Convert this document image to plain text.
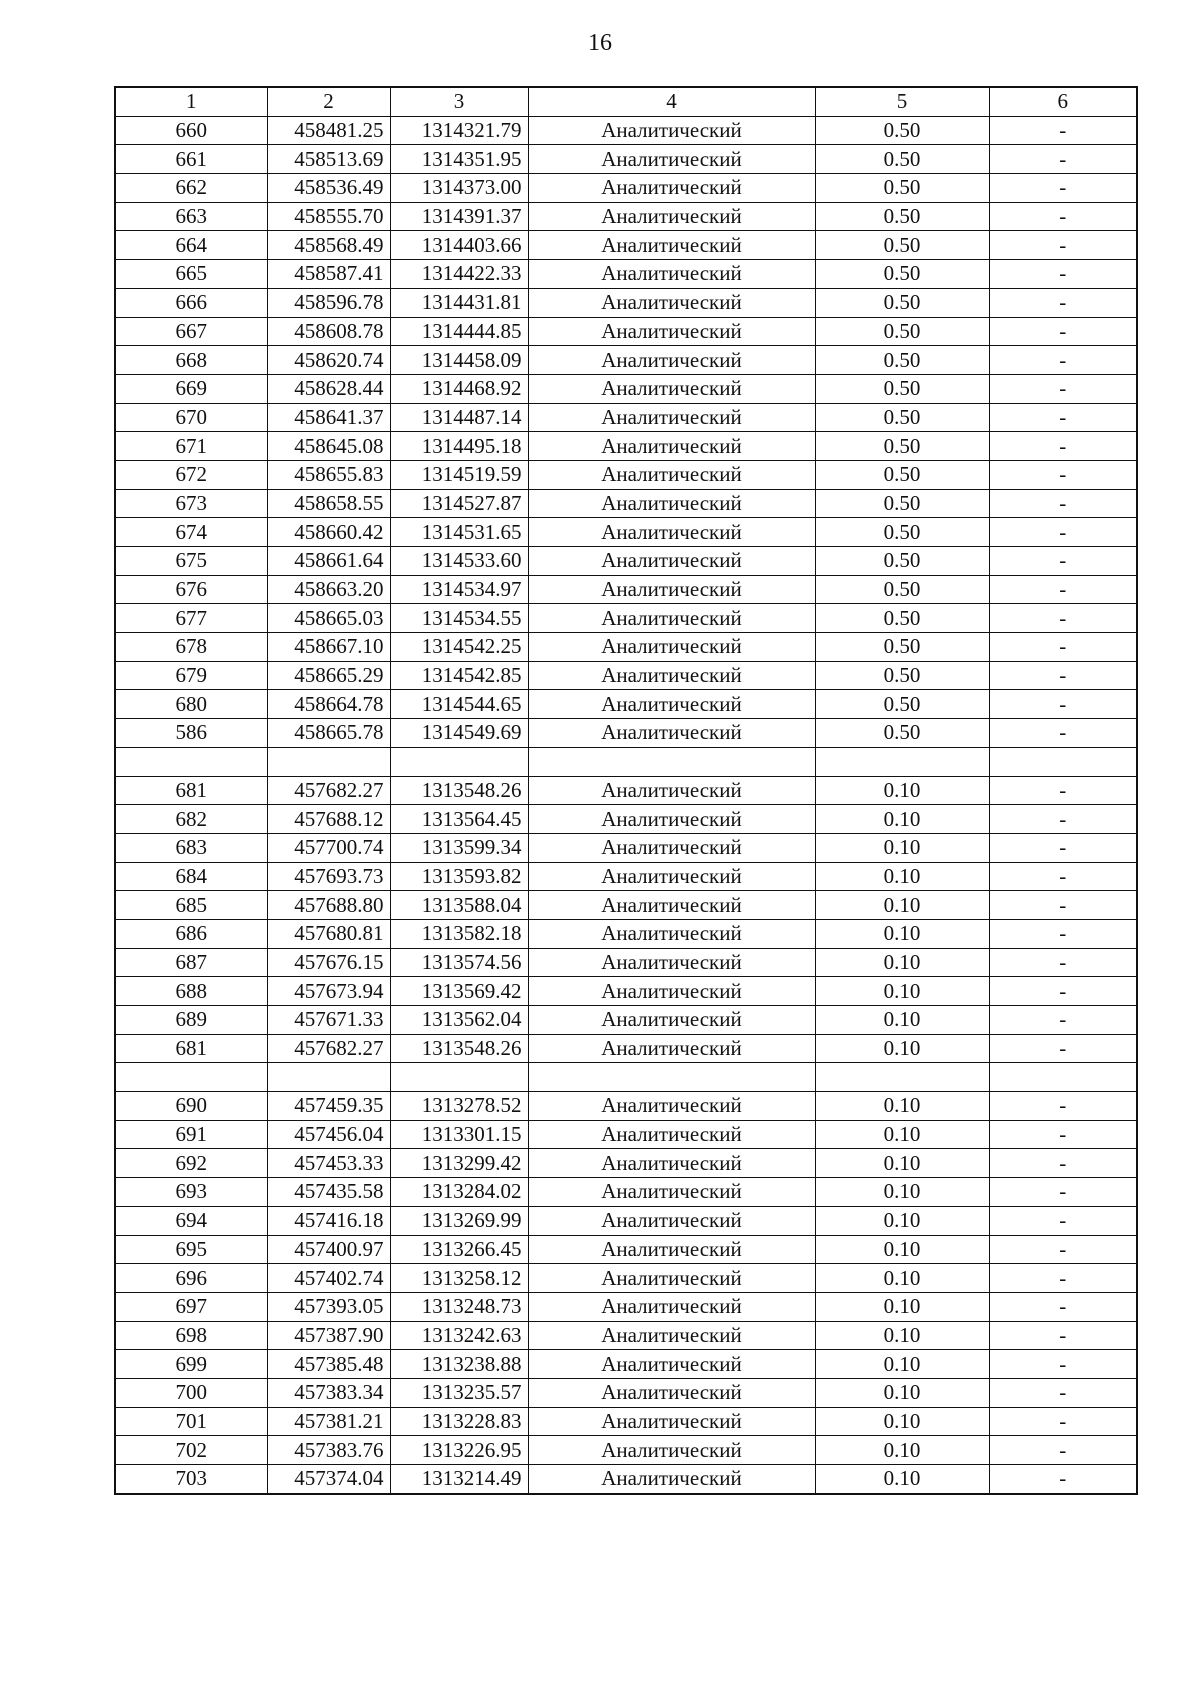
16
1	2	3	4	5	6
660	458481.25	1314321.79	Аналитический	0.50	-
661	458513.69	1314351.95	Аналитический	0.50	-
662	458536.49	1314373.00	Аналитический	0.50	-
663	458555.70	1314391.37	Аналитический	0.50	-
664	458568.49	1314403.66	Аналитический	0.50	-
665	458587.41	1314422.33	Аналитический	0.50	-
666	458596.78	1314431.81	Аналитический	0.50	-
667	458608.78	1314444.85	Аналитический	0.50	-
668	458620.74	1314458.09	Аналитический	0.50	-
669	458628.44	1314468.92	Аналитический	0.50	-
670	458641.37	1314487.14	Аналитический	0.50	-
671	458645.08	1314495.18	Аналитический	0.50	-
672	458655.83	1314519.59	Аналитический	0.50	-
673	458658.55	1314527.87	Аналитический	0.50	-
674	458660.42	1314531.65	Аналитический	0.50	-
675	458661.64	1314533.60	Аналитический	0.50	-
676	458663.20	1314534.97	Аналитический	0.50	-
677	458665.03	1314534.55	Аналитический	0.50	-
678	458667.10	1314542.25	Аналитический	0.50	-
679	458665.29	1314542.85	Аналитический	0.50	-
680	458664.78	1314544.65	Аналитический	0.50	-
586	458665.78	1314549.69	Аналитический	0.50	-

681	457682.27	1313548.26	Аналитический	0.10	-
682	457688.12	1313564.45	Аналитический	0.10	-
683	457700.74	1313599.34	Аналитический	0.10	-
684	457693.73	1313593.82	Аналитический	0.10	-
685	457688.80	1313588.04	Аналитический	0.10	-
686	457680.81	1313582.18	Аналитический	0.10	-
687	457676.15	1313574.56	Аналитический	0.10	-
688	457673.94	1313569.42	Аналитический	0.10	-
689	457671.33	1313562.04	Аналитический	0.10	-
681	457682.27	1313548.26	Аналитический	0.10	-

690	457459.35	1313278.52	Аналитический	0.10	-
691	457456.04	1313301.15	Аналитический	0.10	-
692	457453.33	1313299.42	Аналитический	0.10	-
693	457435.58	1313284.02	Аналитический	0.10	-
694	457416.18	1313269.99	Аналитический	0.10	-
695	457400.97	1313266.45	Аналитический	0.10	-
696	457402.74	1313258.12	Аналитический	0.10	-
697	457393.05	1313248.73	Аналитический	0.10	-
698	457387.90	1313242.63	Аналитический	0.10	-
699	457385.48	1313238.88	Аналитический	0.10	-
700	457383.34	1313235.57	Аналитический	0.10	-
701	457381.21	1313228.83	Аналитический	0.10	-
702	457383.76	1313226.95	Аналитический	0.10	-
703	457374.04	1313214.49	Аналитический	0.10	-
